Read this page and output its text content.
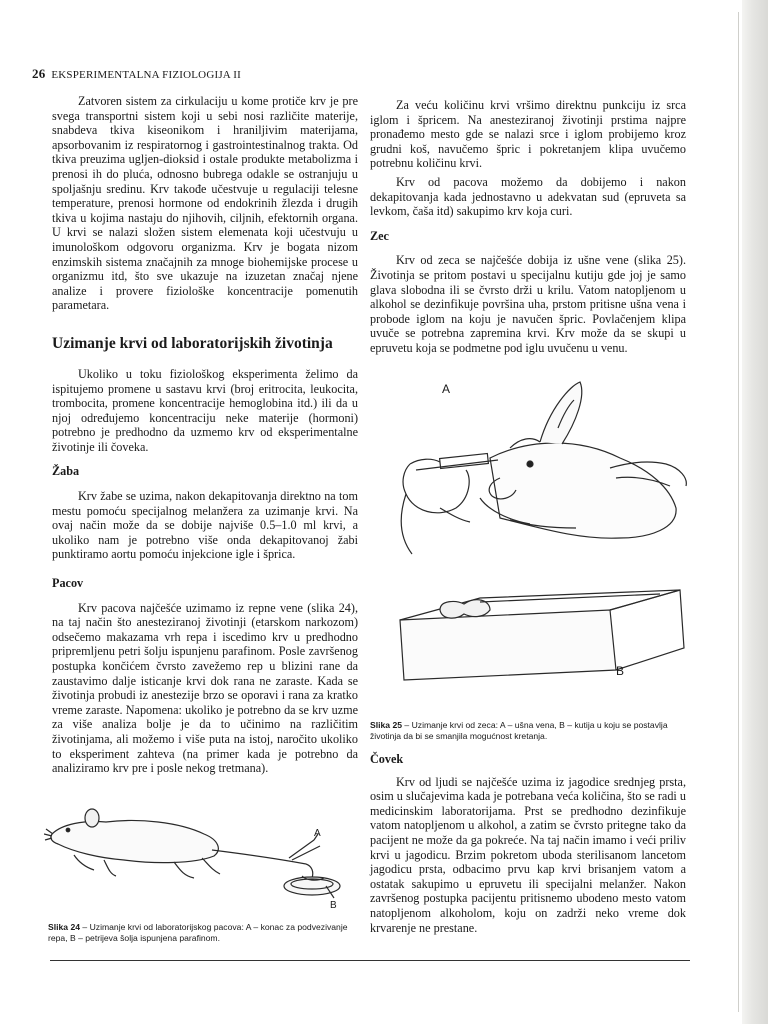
26 EKSPERIMENTALNA FIZIOLOGIJA II

Zatvoren sistem za cirkulaciju u kome protiče krv je pre svega transportni sistem koji u sebi nosi različite materije, snabdeva tkiva kiseonikom i hraniljivim materijama, apsorbovanim iz respiratornog i gastrointestinalnog trakta. Od tkiva preuzima uglјen-dioksid i ostale produkte metabolizma i prenosi ih do pluća, odnosno bubrega odakle se ostranjuju u spoljašnju sredinu. Krv takođe učestvuje u regulaciji telesne temperature, prenosi hormone od endokrinih žlezda i drugih tkiva u kojima nastaju do njihovih, ciljnih, efektornih organa. U krvi se nalazi složen sistem elemenata koji učestvuju u imunološkom odgovoru organizma. Krv je bogata nizom enzimskih sistema značajnih za mnoge biohemijske procese u organizmu itd, što sve ukazuje na izuzetan značaj njene analize i provere fiziološke koncentracije pomenutih parametara.

Uzimanje krvi od laboratorijskih životinja

Ukoliko u toku fiziološkog eksperimenta želimo da ispitujemo promene u sastavu krvi (broj eritrocita, leukocita, trombocita, promene koncentracije hemoglobina itd.) ili da u njoj određujemo koncentraciju neke materije (hormoni) potrebno je predhodno da uzmemo krv od eksperimentalne životinje ili čoveka.

Žaba

Krv žabe se uzima, nakon dekapitovanja direktno na tom mestu pomoću specijalnog melanžera za uzimanje krvi. Na ovaj način može da se dobije najviše 0.5–1.0 ml krvi, a ukoliko nam je potrebno više onda dekapitovanoj žabi punktiramo aortu pomoću injekcione igle i šprica.

Pacov

Krv pacova najčešće uzimamo iz repne vene (slika 24), na taj način što anesteziranoj životinji (etarskom narkozom) odsečemo makazama vrh repa i iscedimo krv u predhodno pripremljenu petri šolju ispunjenu parafinom. Posle završenog postupka končićem čvrsto zavežemo rep u blizini rane da zaustavimo dalje isticanje krvi dok rana ne zaraste. Kada se životinja probudi iz anestezije brzo se oporavi i rana za kratko vreme zaraste. Napomena: ukoliko je potrebno da se krv uzme za više analiza bolje je da to učinimo na različitim životinjama, ali možemo i više puta na istoj, naročito ukoliko to eksperiment zahteva (na primer kada je potrebno da analiziramo krv pre i posle nekog tretmana).

A
B
Slika 24 – Uzimanje krvi od laboratorijskog pacova: A – konac za podvezivanje repa, B – petrijeva šolja ispunjena parafinom.

Za veću količinu krvi vršimo direktnu punkciju iz srca iglom i špricem. Na anesteziranoj životinji prstima najpre pronađemo mesto gde se nalazi srce i iglom probijemo kroz grudni koš, navučemo špric i pokretanjem klipa uvučemo potrebnu količinu krvi.

Krv od pacova možemo da dobijemo i nakon dekapitovanja kada jednostavno u adekvatan sud (epruveta sa levkom, čaša itd) sakupimo krv koja curi.

Zec

Krv od zeca se najčešće dobija iz ušne vene (slika 25). Životinja se pritom postavi u specijalnu kutiju gde joj je samo glava slobodna ili se čvrsto drži u krilu. Vatom natopljenom u alkohol se dezinfikuje površina uha, prstom pritisne ušna vena i probode iglom na koju je navučen špric. Povlačenjem klipa uvuče se potrebna zapremina krvi. Krv može da se skupi u epruvetu koja se podmetne pod iglu uvučenu u venu.

A
B
Slika 25 – Uzimanje krvi od zeca: A – ušna vena, B – kutija u koju se postavlja životinja da bi se smanjila mogućnost kretanja.
Čovek

Krv od ljudi se najčešće uzima iz jagodice srednjeg prsta, osim u slučajevima kada je potrebana veća količina, što se radi u medicinskim laboratorijama. Prst se predhodno dezinfikuje vatom natopljenom u alkohol, a zatim se čvrsto pritegne tako da pacijent ne može da ga pokreće. Na taj način imamo i veći priliv krvi u jagodicu. Brzim pokretom uboda sterilisanom lancetom jagodicu prsta, odbacimo prvu kap krvi brisanjem vatom a ostatak sakupimo u epruvetu ili specijalni melanžer. Nakon završenog postupka pacijentu pritisnemo ubodeno mesto vatom natopljenom alkoholom, koju on zadrži neko vreme dok krvarenje ne prestane.
